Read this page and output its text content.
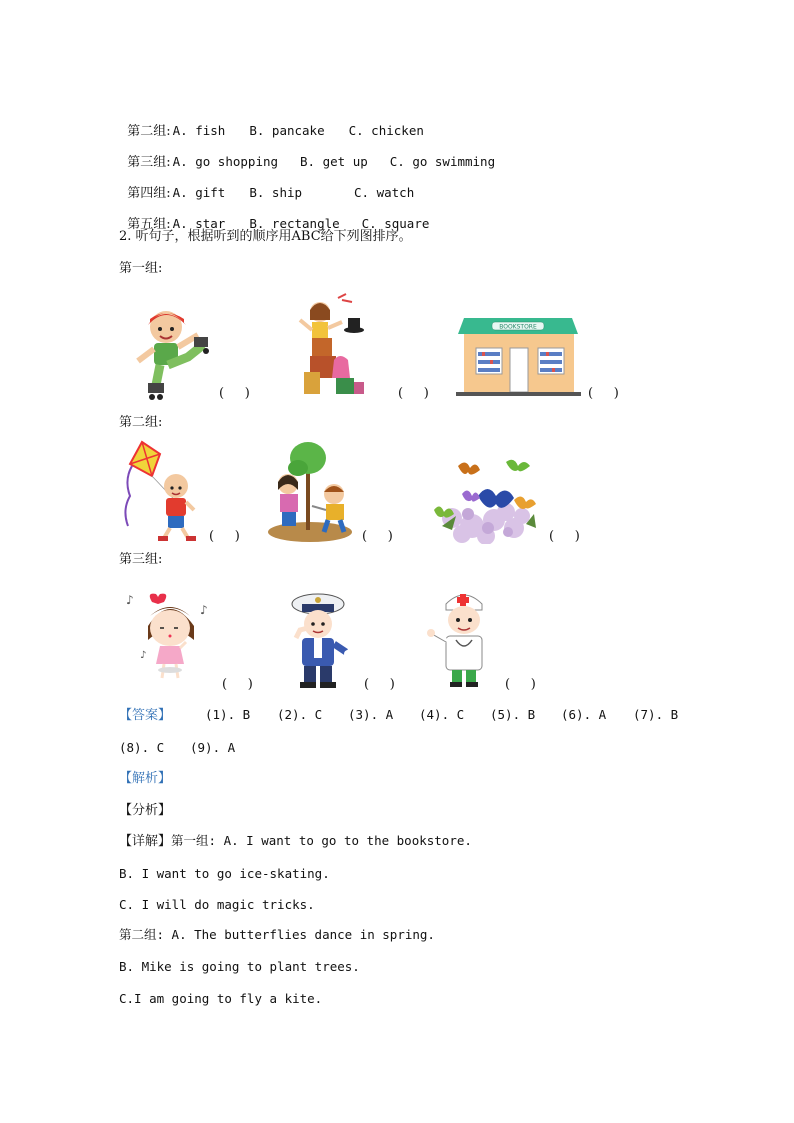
第二组: A. fish B. pancake C. chicken

第三组: A. go shopping B. get up C. go swimming

第四组: A. gift B. ship	C. watch

第五组: A. star B. rectangle C. square

2. 听句子，根据听到的顺序用ABC给下列图排序。
第一组:
(     )	(     )
BOOKSTORE
(     )
第二组:
(     )	(     )	(     )
第三组:
♪
♪
♪
(     )	(     )	(     )
【答案】	(1). B (2). C (3). A (4). C (5). B (6). A (7). B
(8). C (9). A
【解析】
【分析】
【详解】第一组: A. I want to go to the bookstore.
B. I want to go ice-skating.
C. I will do magic tricks.
第二组: A. The butterflies dance in spring.
B. Mike is going to plant trees.
C.I am going to fly a kite.
